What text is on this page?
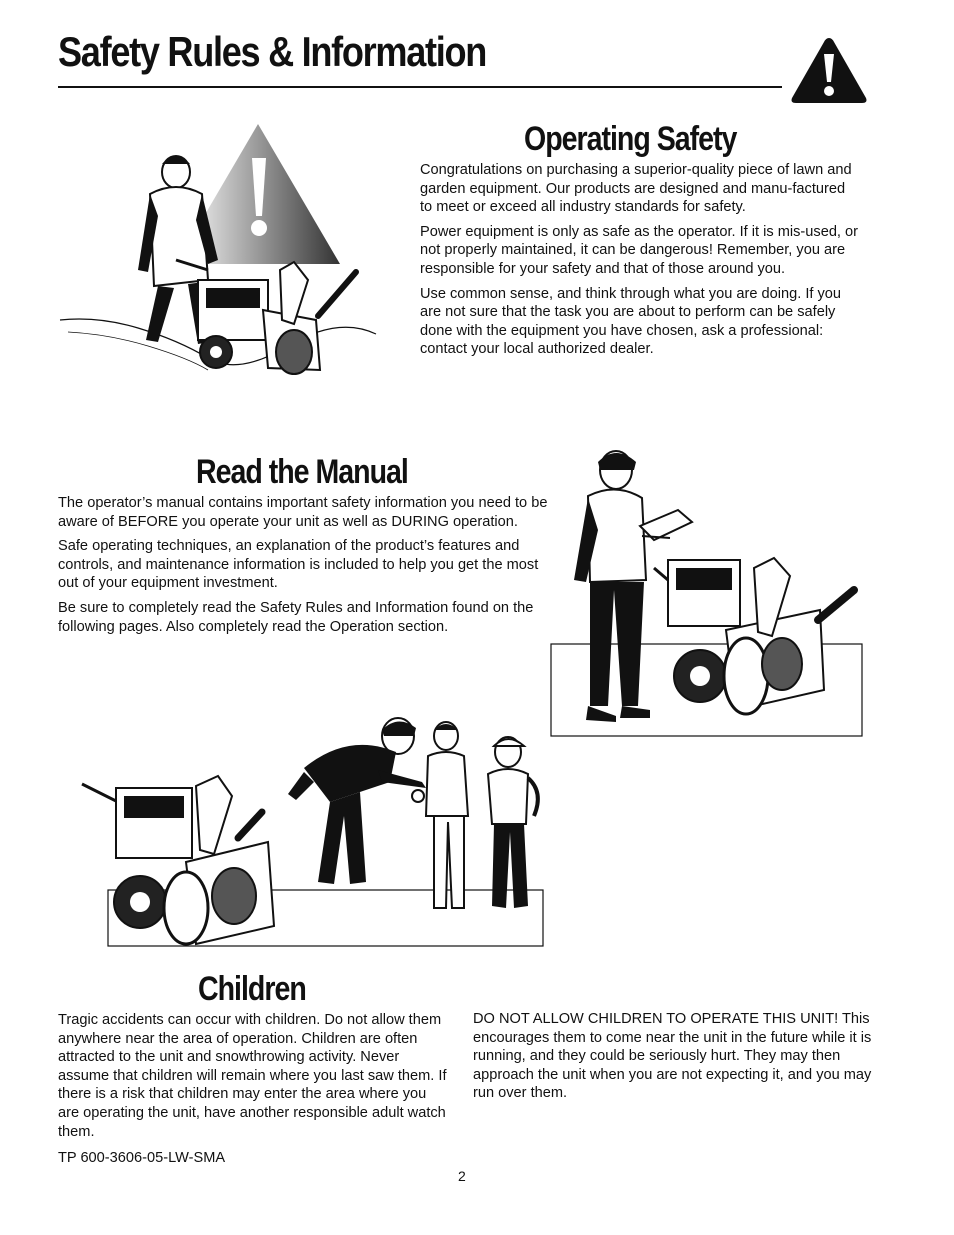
Safety Rules & Information
Operating Safety

Congratulations on purchasing a superior-quality piece of lawn and garden equipment. Our products are designed and manu-factured to meet or exceed all industry standards for safety.

Power equipment is only as safe as the operator. If it is mis-used, or not properly maintained, it can be dangerous! Remember, you are responsible for your safety and that of those around you.

Use common sense, and think through what you are doing. If you are not sure that the task you are about to perform can be safely done with the equipment you have chosen, ask a professional: contact your local authorized dealer.

Read the Manual

The operator’s manual contains important safety information you need to be aware of BEFORE you operate your unit as well as DURING operation.

Safe operating techniques, an explanation of the product’s features and controls, and maintenance information is included to help you get the most out of your equipment investment.

Be sure to completely read the Safety Rules and Information found on the following pages. Also completely read the Operation section.

Children

Tragic accidents can occur with children. Do not allow them anywhere near the area of operation. Children are often attracted to the unit and snowthrowing activity. Never assume that children will remain where you last saw them. If there is a risk that children may enter the area where you are operating the unit, have another responsible adult watch them.

DO NOT ALLOW CHILDREN TO OPERATE THIS UNIT! This encourages them to come near the unit in the future while it is running, and they could be seriously hurt. They may then approach the unit when you are not expecting it, and you may run over them.

TP 600-3606-05-LW-SMA
2
